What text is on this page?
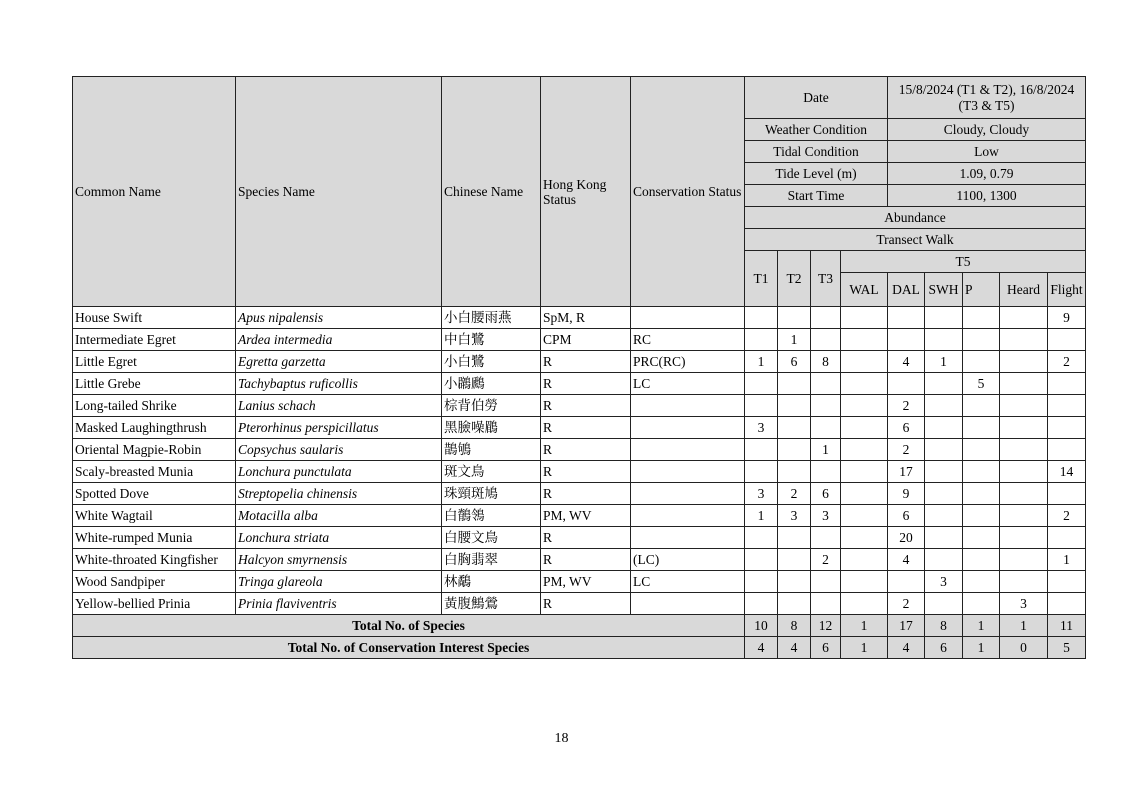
Common Name	Species Name	Chinese Name	Hong Kong Status	Conservation Status	Date				15/8/2024 (T1 & T2), 16/8/2024 (T3 & T5)				
					Weather Condition				Cloudy, Cloudy				
					Tidal Condition				Low				
					Tide Level (m)				1.09, 0.79				
					Start Time				1100, 1300				
					Abundance								
					Transect Walk								
					T1	T2	T3	T5					
								WAL	DAL	SWH	P	Heard	Flight
House Swift	Apus nipalensis	小白腰雨燕	SpM, R										9
Intermediate Egret	Ardea intermedia	中白鷺	CPM	RC		1							
Little Egret	Egretta garzetta	小白鷺	R	PRC(RC)	1	6	8		4	1			2
Little Grebe	Tachybaptus ruficollis	小鸊鷉	R	LC							5		
Long-tailed Shrike	Lanius schach	棕背伯勞	R						2				
Masked Laughingthrush	Pterorhinus perspicillatus	黑臉噪鶥	R		3				6				
Oriental Magpie-Robin	Copsychus saularis	鵲鴝	R				1		2				
Scaly-breasted Munia	Lonchura punctulata	斑文鳥	R						17				14
Spotted Dove	Streptopelia chinensis	珠頸斑鳩	R		3	2	6		9				
White Wagtail	Motacilla alba	白鶺鴒	PM, WV		1	3	3		6				2
White-rumped Munia	Lonchura striata	白腰文鳥	R						20				
White-throated Kingfisher	Halcyon smyrnensis	白胸翡翠	R	(LC)			2		4				1
Wood Sandpiper	Tringa glareola	林鷸	PM, WV	LC						3			
Yellow-bellied Prinia	Prinia flaviventris	黃腹鷦鶯	R						2			3	
Total No. of Species					10	8	12	1	17	8	1	1	11
Total No. of Conservation Interest Species					4	4	6	1	4	6	1	0	5
18
